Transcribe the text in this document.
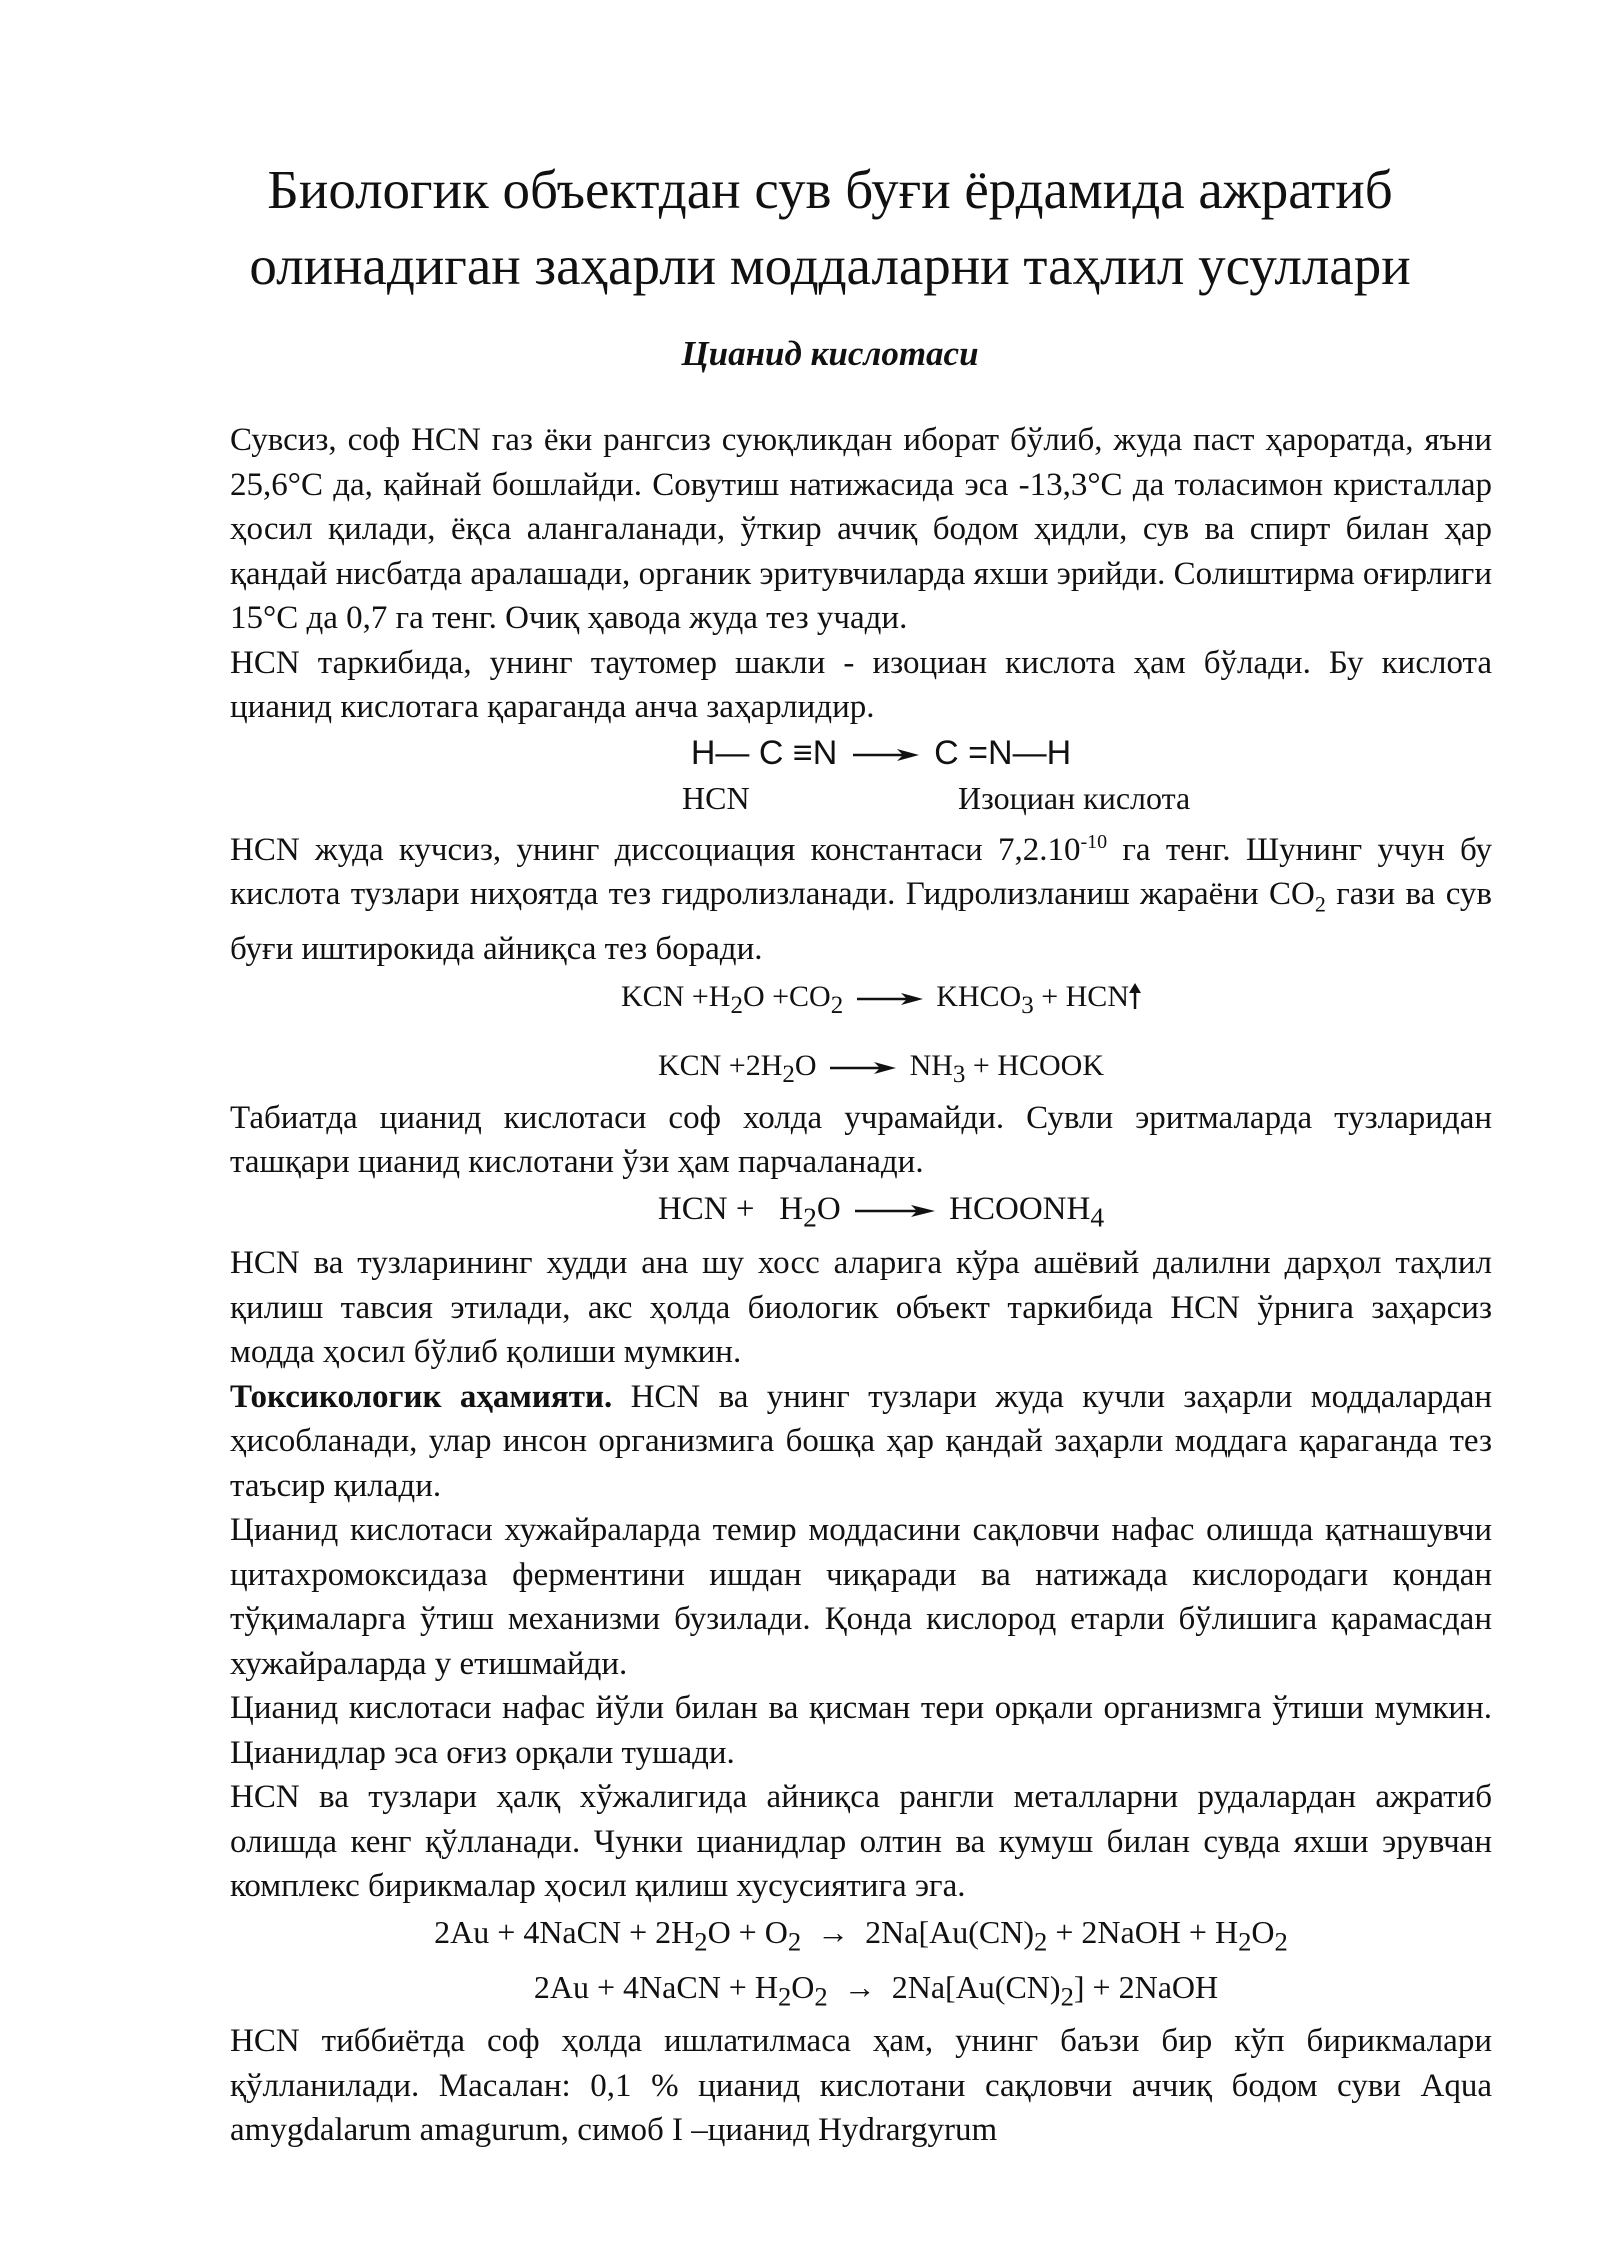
Биологик объектдан сув буғи ёрдамида ажратиб
олинадиган заҳарли моддаларни таҳлил усуллари
Цианид кислотаси

Сувсиз, соф HCN газ ёки рангсиз суюқликдан иборат бўлиб, жуда паст ҳароратда, яъни 25,6°С да, қайнай бошлайди. Совутиш натижасида эса -13,3°С да толасимон кристаллар ҳосил қилади, ёқса алангаланади, ўткир аччиқ бодом ҳидли, сув ва спирт билан ҳар қандай нисбатда аралашади, органик эритувчиларда яхши эрийди. Солиштирма оғирлиги 15°С да 0,7 га тенг. Очиқ ҳавода жуда тез учади.

HCN таркибида, унинг таутомер шакли - изоциан кислота ҳам бўлади. Бу кислота цианид кислотага қараганда анча заҳарлидир.

H— C ≡N → C =N—H
HCN	Изоциан кислота

HCN жуда кучсиз, унинг диссоциация константаси $7,2.10^{-10}$ га тенг. Шунинг учун бу кислота тузлари ниҳоятда тез гидролизланади. Гидролизланиш жараёни $СО_2$ гази ва сув буғи иштирокида айниқса тез боради.

KCN $+H_2O +CO_2$ → $KHCO_3$ + HCN
KCN $+2H_2O \to NH_3$ + HCOOK

Табиатда цианид кислотаси соф холда учрамайди. Сувли эритмаларда тузларидан ташқари цианид кислотани ўзи ҳам парчаланади.

HCN +   $H_2O$ → $HCOONH_4$

HCN ва тузларининг худди ана шу хосс аларига кўра ашёвий далилни дарҳол таҳлил қилиш тавсия этилади, акс ҳолда биологик объект таркибида HCN ўрнига заҳарсиз модда ҳосил бўлиб қолиши мумкин.

Токсикологик аҳамияти. HCN ва унинг тузлари жуда кучли заҳарли моддалардан ҳисобланади, улар инсон организмига бошқа ҳар қандай заҳарли моддага қараганда тез таъсир қилади.

Цианид кислотаси хужайраларда темир моддасини сақловчи нафас олишда қатнашувчи цитахромоксидаза ферментини ишдан чиқаради ва натижада кислородаги қондан тўқималарга ўтиш механизми бузилади. Қонда кислород етарли бўлишига қарамасдан хужайраларда у етишмайди.

Цианид кислотаси нафас йўли билан ва қисман тери орқали организмга ўтиши мумкин. Цианидлар эса оғиз орқали тушади.

HCN ва тузлари ҳалқ хўжалигида айниқса рангли металларни рудалардан ажратиб олишда кенг қўлланади. Чунки цианидлар олтин ва кумуш билан сувда яхши эрувчан комплекс бирикмалар ҳосил қилиш хусусиятига эга.

2Au + 4NaCN + $2H_2O + O_2 \to 2Na[Au(CN)_2$ + 2NaOH + $H_2O_2$
2Au + 4NaCN + $H_2O_2 \to 2Na[Au(CN)_2]$ + 2NaOH

HCN тиббиётда соф ҳолда ишлатилмаса ҳам, унинг баъзи бир кўп бирикмалари қўлланилади. Масалан: 0,1 % цианид кислотани сақловчи аччиқ бодом суви Aqua amygdalarum amagurum, симоб I –цианид Hydrargyrum
